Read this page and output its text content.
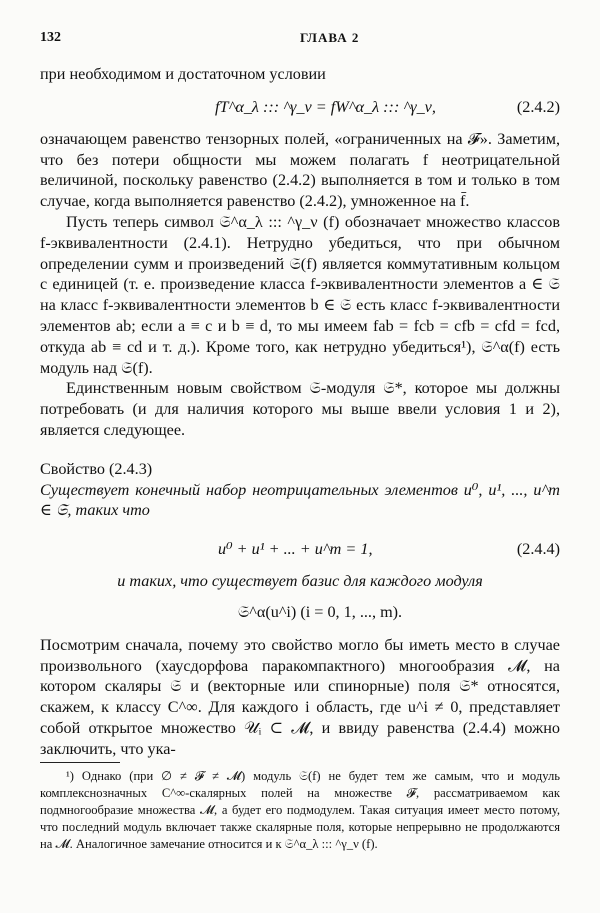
132	ГЛАВА 2

при необходимом и достаточном условии

fT^α_λ ::: ^γ_ν = fW^α_λ ::: ^γ_ν,	(2.4.2)

означающем равенство тензорных полей, «ограниченных на 𝓕». Заметим, что без потери общности мы можем полагать f неотрицательной величиной, поскольку равенство (2.4.2) выполняется в том и только в том случае, когда выполняется равенство (2.4.2), умноженное на f̄.

Пусть теперь символ 𝔖^α_λ ::: ^γ_ν (f) обозначает множество классов f-эквивалентности (2.4.1). Нетрудно убедиться, что при обычном определении сумм и произведений 𝔖(f) является коммутативным кольцом с единицей (т. е. произведение класса f-эквивалентности элементов a ∈ 𝔖 на класс f-эквивалентности элементов b ∈ 𝔖 есть класс f-эквивалентности элементов ab; если a ≡ c и b ≡ d, то мы имеем fab = fcb = cfb = cfd = fcd, откуда ab ≡ cd и т. д.). Кроме того, как нетрудно убедиться¹), 𝔖^α(f) есть модуль над 𝔖(f).

Единственным новым свойством 𝔖-модуля 𝔖*, которое мы должны потребовать (и для наличия которого мы выше ввели условия 1 и 2), является следующее.

Свойство (2.4.3)

Существует конечный набор неотрицательных элементов u⁰, u¹, ..., u^m ∈ 𝔖, таких что

u⁰ + u¹ + ... + u^m = 1,	(2.4.4)

и таких, что существует базис для каждого модуля

𝔖^α(u^i) (i = 0, 1, ..., m).

Посмотрим сначала, почему это свойство могло бы иметь место в случае произвольного (хаусдорфова паракомпактного) многообразия 𝓜, на котором скаляры 𝔖 и (векторные или спинорные) поля 𝔖* относятся, скажем, к классу C^∞. Для каждого i область, где u^i ≠ 0, представляет собой открытое множество 𝒰ᵢ ⊂ 𝓜, и ввиду равенства (2.4.4) можно заключить, что ука-

¹) Однако (при ∅ ≠ 𝓕 ≠ 𝓜) модуль 𝔖(f) не будет тем же самым, что и модуль комплекснозначных C^∞-скалярных полей на множестве 𝓕, рассматриваемом как подмногообразие множества 𝓜, а будет его подмодулем. Такая ситуация имеет место потому, что последний модуль включает также скалярные поля, которые непрерывно не продолжаются на 𝓜. Аналогичное замечание относится и к 𝔖^α_λ ::: ^γ_ν (f).
